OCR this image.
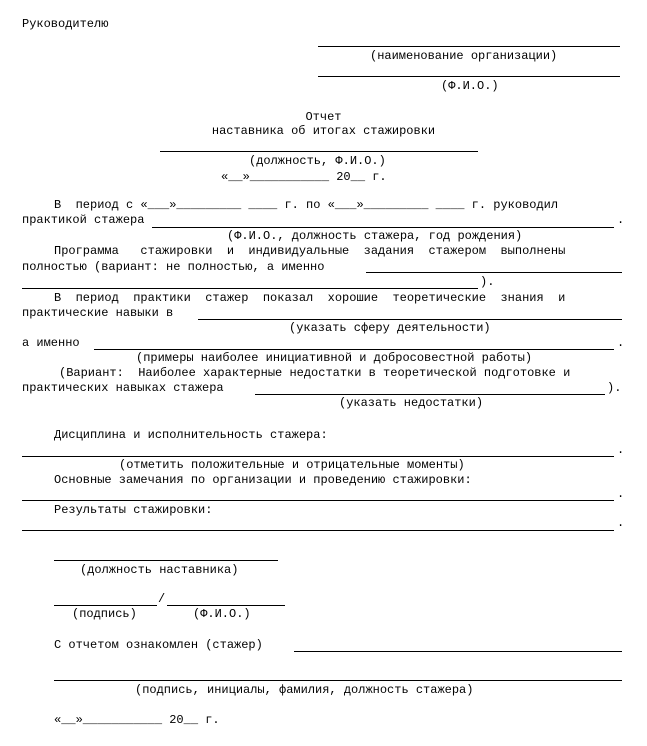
Руководителю
(наименование организации)
(Ф.И.О.)
Отчет
наставника об итогах стажировки
(должность, Ф.И.О.)
«__»___________ 20__ г.
В  период с «___»_________ ____ г. по «___»_________ ____ г. руководил
практикой стажера	.
(Ф.И.О., должность стажера, год рождения)
Программа   стажировки  и  индивидуальные  задания  стажером  выполнены
полностью (вариант: не полностью, а именно
).
В  период  практики  стажер  показал  хорошие  теоретические  знания  и
практические навыки в
(указать сферу деятельности)
а именно	.
(примеры наиболее инициативной и добросовестной работы)
(Вариант:  Наиболее характерные недостатки в теоретической подготовке и
практических навыках стажера	).
(указать недостатки)
Дисциплина и исполнительность стажера:
.
(отметить положительные и отрицательные моменты)
Основные замечания по организации и проведению стажировки:
.
Результаты стажировки:
.
(должность наставника)
/
(подпись)	(Ф.И.О.)
С отчетом ознакомлен (стажер)
(подпись, инициалы, фамилия, должность стажера)
«__»___________ 20__ г.
